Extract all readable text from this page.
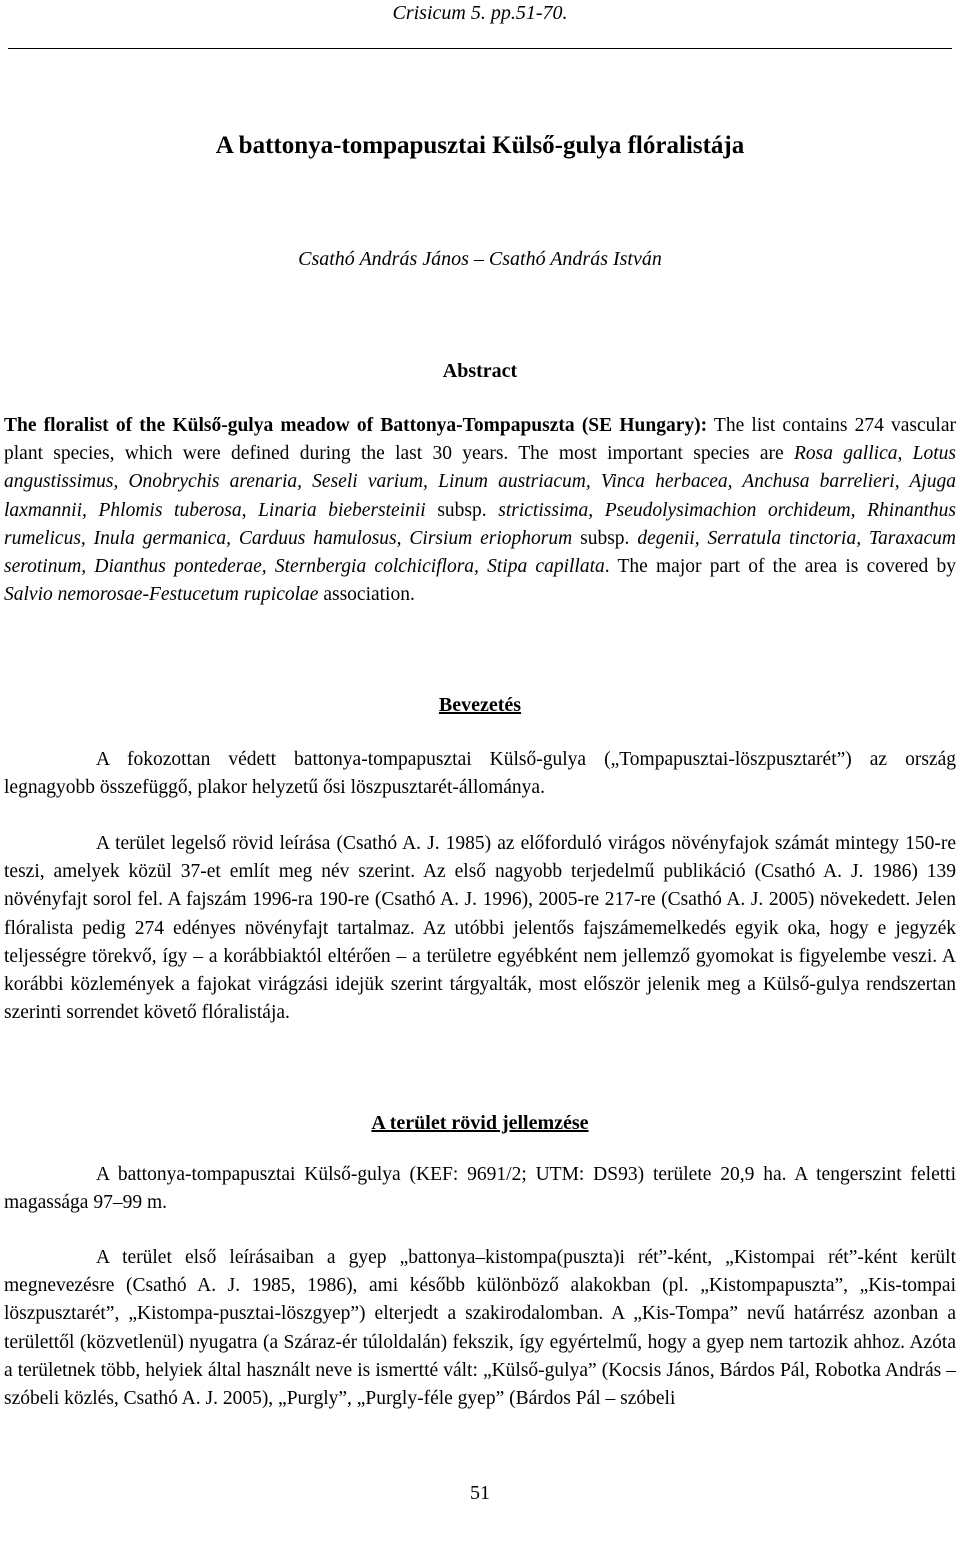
Crisicum 5. pp.51-70.
A battonya-tompapusztai Külső-gulya flóralistája
Csathó András János – Csathó András István
Abstract
The floralist of the Külső-gulya meadow of Battonya-Tompapuszta (SE Hungary): The list contains 274 vascular plant species, which were defined during the last 30 years. The most important species are Rosa gallica, Lotus angustissimus, Onobrychis arenaria, Seseli varium, Linum austriacum, Vinca herbacea, Anchusa barrelieri, Ajuga laxmannii, Phlomis tuberosa, Linaria biebersteinii subsp. strictissima, Pseudolysimachion orchideum, Rhinanthus rumelicus, Inula germanica, Carduus hamulosus, Cirsium eriophorum subsp. degenii, Serratula tinctoria, Taraxacum serotinum, Dianthus pontederae, Sternbergia colchiciflora, Stipa capillata. The major part of the area is covered by Salvio nemorosae-Festucetum rupicolae association.
Bevezetés
A fokozottan védett battonya-tompapusztai Külső-gulya („Tompapusztai-löszpusztarét”) az ország legnagyobb összefüggő, plakor helyzetű ősi löszpusztarét-állománya.
A terület legelső rövid leírása (Csathó A. J. 1985) az előforduló virágos növényfajok számát mintegy 150-re teszi, amelyek közül 37-et említ meg név szerint. Az első nagyobb terjedelmű publikáció (Csathó A. J. 1986) 139 növényfajt sorol fel. A fajszám 1996-ra 190-re (Csathó A. J. 1996), 2005-re 217-re (Csathó A. J. 2005) növekedett. Jelen flóralista pedig 274 edényes növényfajt tartalmaz. Az utóbbi jelentős fajszámemelkedés egyik oka, hogy e jegyzék teljességre törekvő, így – a korábbiaktól eltérően – a területre egyébként nem jellemző gyomokat is figyelembe veszi. A korábbi közlemények a fajokat virágzási idejük szerint tárgyalták, most először jelenik meg a Külső-gulya rendszertan szerinti sorrendet követő flóralistája.
A terület rövid jellemzése
A battonya-tompapusztai Külső-gulya (KEF: 9691/2; UTM: DS93) területe 20,9 ha. A tengerszint feletti magassága 97–99 m.
A terület első leírásaiban a gyep „battonya–kistompa(puszta)i rét”-ként, „Kistompai rét”-ként került megnevezésre (Csathó A. J. 1985, 1986), ami később különböző alakokban (pl. „Kistompapuszta”, „Kis-tompai löszpusztarét”, „Kistompa-pusztai-löszgyep”) elterjedt a szakirodalomban. A „Kis-Tompa” nevű határrész azonban a területtől (közvetlenül) nyugatra (a Száraz-ér túloldalán) fekszik, így egyértelmű, hogy a gyep nem tartozik ahhoz. Azóta a területnek több, helyiek által használt neve is ismertté vált: „Külső-gulya” (Kocsis János, Bárdos Pál, Robotka András – szóbeli közlés, Csathó A. J. 2005), „Purgly”, „Purgly-féle gyep” (Bárdos Pál – szóbeli
51
